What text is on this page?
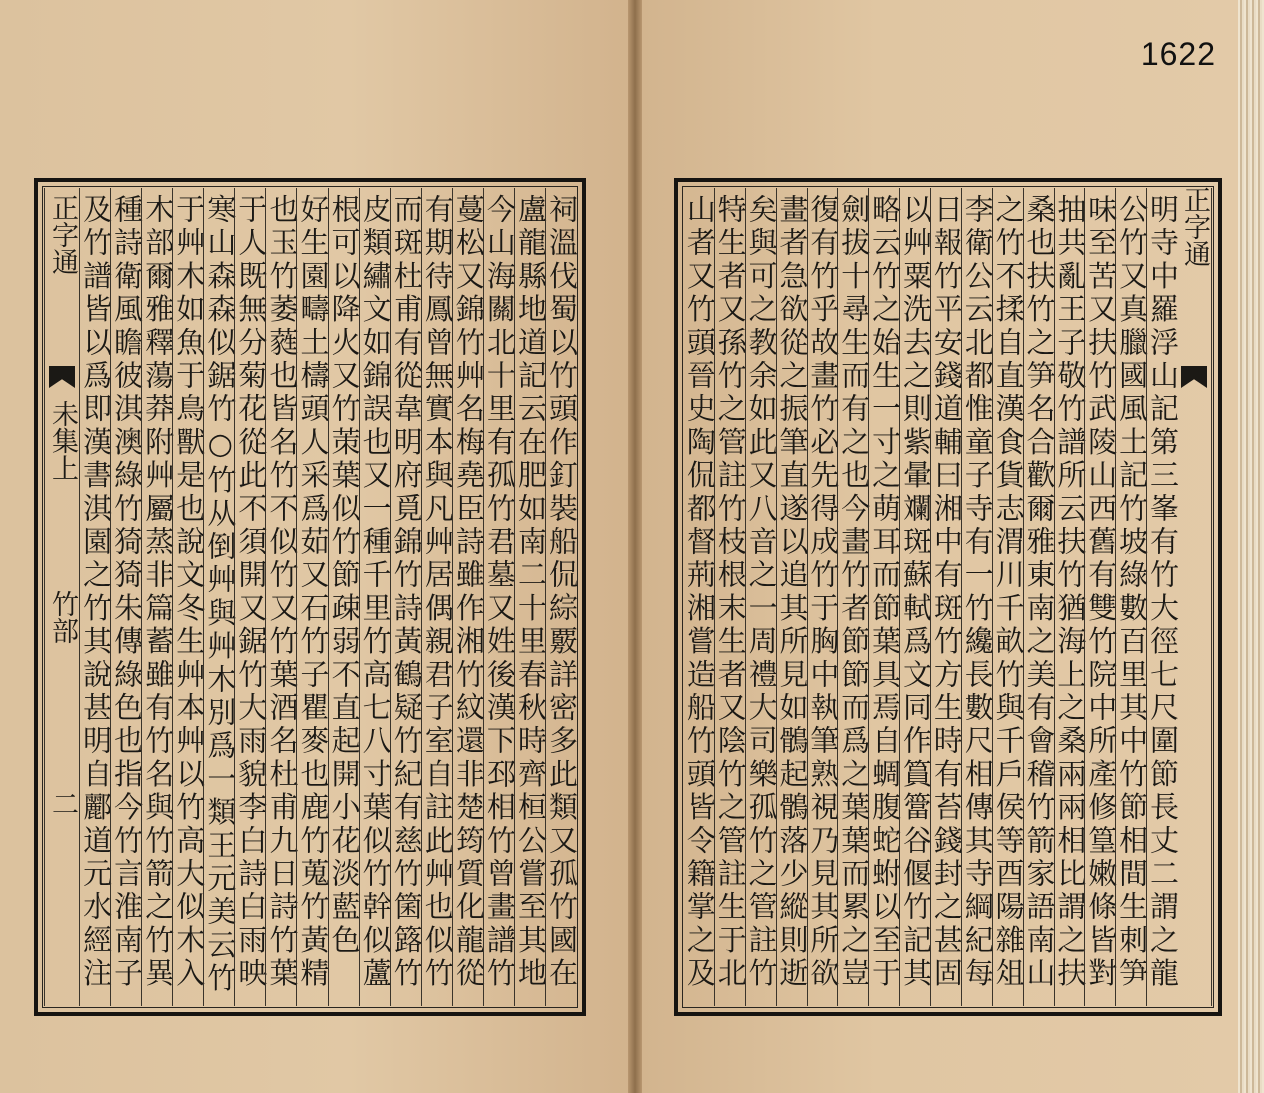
1622
祠溫伐蜀以竹頭作釘裝船侃綜覈詳密多此類又孤竹國在
盧龍縣地道記云在肥如南二十里春秋時齊桓公嘗至其地
今山海關北十里有孤竹君墓又姓後漢下邳相竹曾畫譜竹
蔓松又錦竹艸名梅堯臣詩雖作湘竹紋還非楚筠質化龍從
有期待鳳曾無實本與凡艸居偶親君子室自註此艸也似竹
而斑杜甫有從韋明府覓錦竹詩黃鶴疑竹紀有慈竹箘簬竹
皮類繡文如錦誤也又一種千里竹高七八寸葉似竹幹似蘆
根可以降火又竹茦葉似竹節疎弱不直起開小花淡藍色
好生園疇土檮頭人采爲茹又石竹子瞿麥也鹿竹蒐竹黃精
也玉竹萎蕤也皆名竹不似竹又竹葉酒名杜甫九日詩竹葉
于人既無分菊花從此不須開又鋸竹大雨貌李白詩白雨映
寒山森森似鋸竹○竹从倒艸與艸木別爲一類王元美云竹
于艸木如魚于鳥獸是也說文冬生艸本艸以竹高大似木入
木部爾雅釋蕩莽附艸屬蒸非篇蓄雖有竹名與竹箭之竹異
種詩衛風瞻彼淇澳綠竹猗猗朱傳綠色也指今竹言淮南子
及竹譜皆以爲即漢書淇園之竹其說甚明自酈道元水經注
正字通
未集上
竹部
二
正字通
明寺中羅浮山記第三峯有竹大徑七尺圍節長丈二謂之龍
公竹又真臘國風土記竹坡綠數百里其中竹節相間生刺笋
味至苦又扶竹武陵山西舊有雙竹院中所產修篁嫩條皆對
抽共亂王子敬竹譜所云扶竹猶海上之桑兩兩相比謂之扶
桑也扶竹之笋名合歡爾雅東南之美有會稽竹箭家語南山
之竹不揉自直漢食貨志渭川千畝竹與千戶侯等酉陽雜俎
李衛公云北都惟童子寺有一竹纔長數尺相傳其寺綱紀每
日報竹平安錢道輔曰湘中有斑竹方生時有苔錢封之甚固
以艸粟洗去之則紫暈斕斑蘇軾爲文同作篔簹谷偃竹記其
略云竹之始生一寸之萌耳而節葉具焉自蜩腹蛇蚹以至于
劍拔十尋生而有之也今畫竹者節節而爲之葉葉而累之豈
復有竹乎故畫竹必先得成竹于胸中執筆熟視乃見其所欲
畫者急欲從之振筆直遂以追其所見如鶻起鶻落少縱則逝
矣與可之教余如此又八音之一周禮大司樂孤竹之管註竹
特生者又孫竹之管註竹枝根末生者又陰竹之管註生于北
山者又竹頭晉史陶侃都督荊湘嘗造船竹頭皆令籍掌之及
